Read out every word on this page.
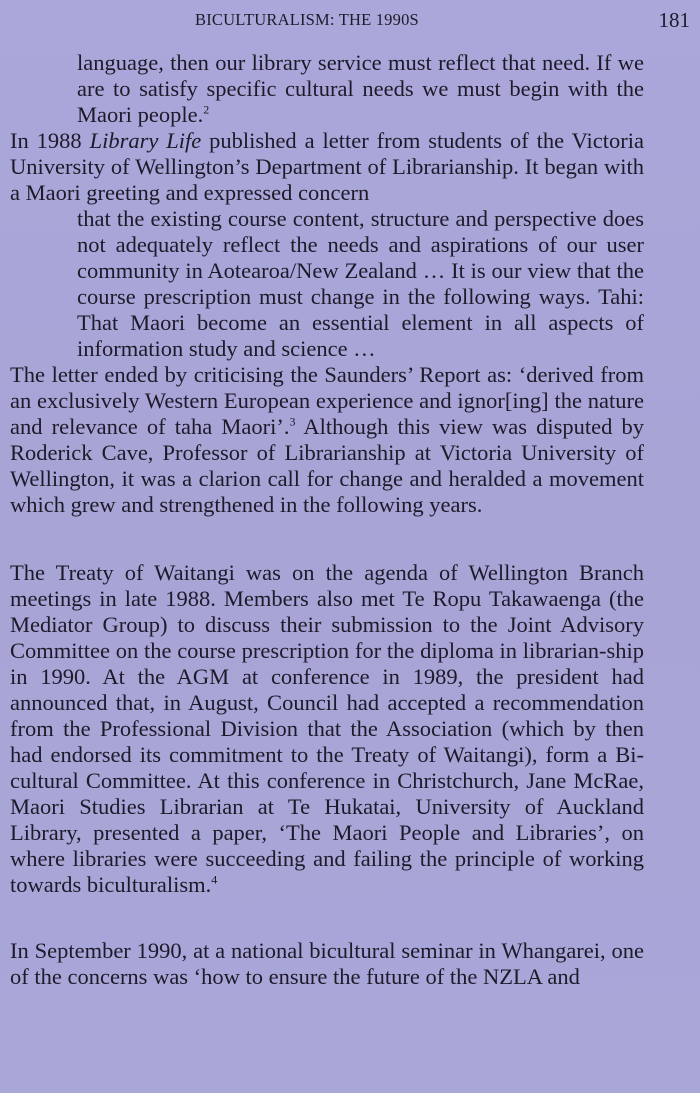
BICULTURALISM: THE 1990S	181

language, then our library service must reflect that need. If we are to satisfy specific cultural needs we must begin with the Maori people.$^2$

In 1988 Library Life published a letter from students of the Victoria University of Wellington’s Department of Librarianship. It began with a Maori greeting and expressed concern

that the existing course content, structure and perspective does not adequately reflect the needs and aspirations of our user community in Aotearoa/New Zealand … It is our view that the course prescription must change in the following ways. Tahi: That Maori become an essential element in all aspects of information study and science …

The letter ended by criticising the Saunders’ Report as: ‘derived from an exclusively Western European experience and ignor[ing] the nature and relevance of taha Maori’.$^3$ Although this view was disputed by Roderick Cave, Professor of Librarianship at Victoria University of Wellington, it was a clarion call for change and heralded a movement which grew and strengthened in the following years.

The Treaty of Waitangi was on the agenda of Wellington Branch meetings in late 1988. Members also met Te Ropu Takawaenga (the Mediator Group) to discuss their submission to the Joint Advisory Committee on the course prescription for the diploma in librarian-ship in 1990. At the AGM at conference in 1989, the president had announced that, in August, Council had accepted a recommendation from the Professional Division that the Association (which by then had endorsed its commitment to the Treaty of Waitangi), form a Bi-cultural Committee. At this conference in Christchurch, Jane McRae, Maori Studies Librarian at Te Hukatai, University of Auckland Library, presented a paper, ‘The Maori People and Libraries’, on where libraries were succeeding and failing the principle of working towards biculturalism.$^4$

In September 1990, at a national bicultural seminar in Whangarei, one of the concerns was ‘how to ensure the future of the NZLA and
